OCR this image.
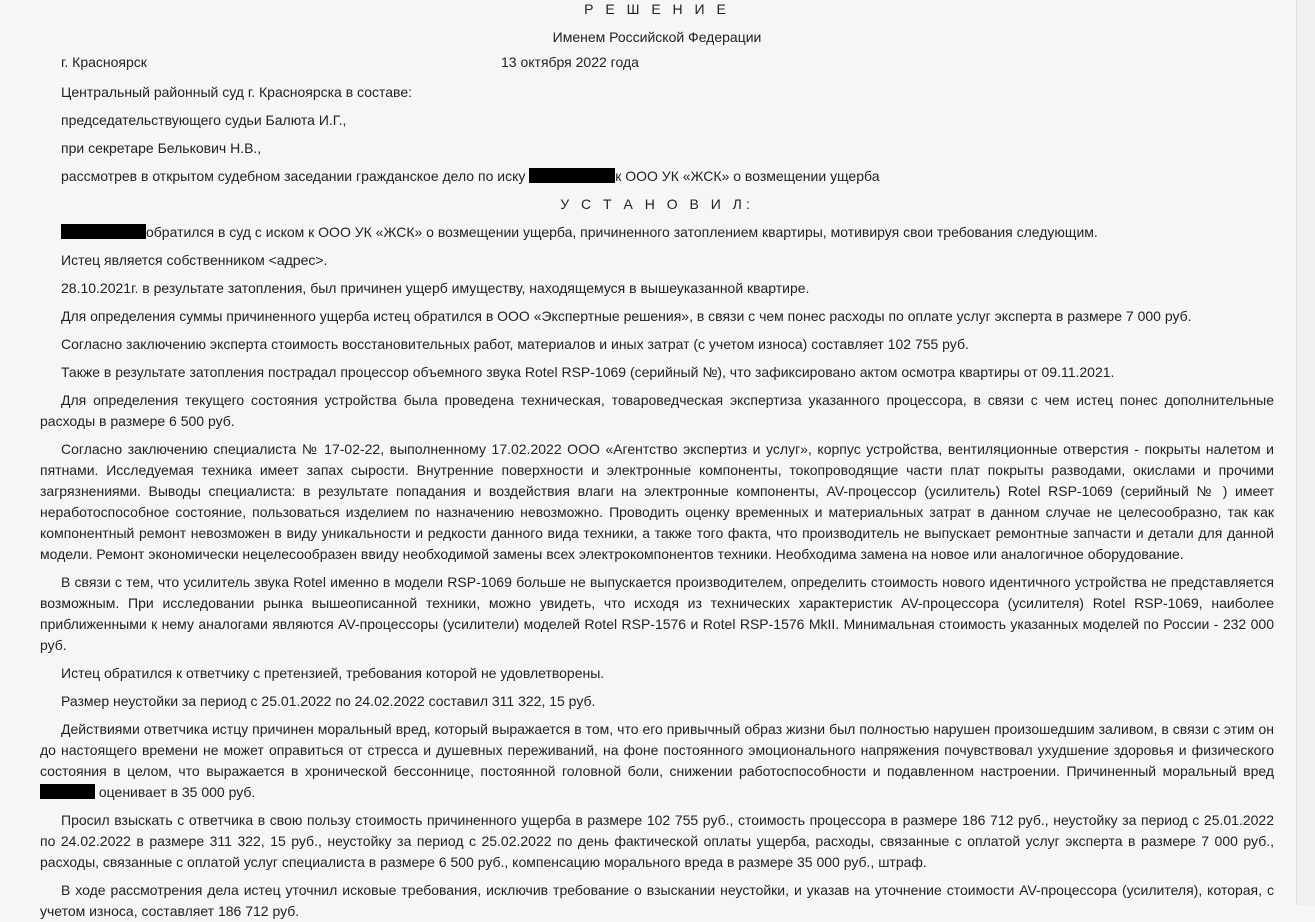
Р Е Ш Е Н И Е

Именем Российской Федерации

г. Красноярск	13 октября 2022 года

Центральный районный суд г. Красноярска в составе:

председательствующего судьи Балюта И.Г.,

при секретаре Белькович Н.В.,

рассмотрев в открытом судебном заседании гражданское дело по иску	к ООО УК «ЖСК» о возмещении ущерба

У С Т А Н О В И Л:

обратился в суд с иском к ООО УК «ЖСК» о возмещении ущерба, причиненного затоплением квартиры, мотивируя свои требования следующим.

Истец является собственником <адрес>.

28.10.2021г. в результате затопления, был причинен ущерб имуществу, находящемуся в вышеуказанной квартире.

Для определения суммы причиненного ущерба истец обратился в ООО «Экспертные решения», в связи с чем понес расходы по оплате услуг эксперта в размере 7 000 руб.

Согласно заключению эксперта стоимость восстановительных работ, материалов и иных затрат (с учетом износа) составляет 102 755 руб.

Также в результате затопления пострадал процессор объемного звука Rotel RSP-1069 (серийный №), что зафиксировано актом осмотра квартиры от 09.11.2021.

Для определения текущего состояния устройства была проведена техническая, товароведческая экспертиза указанного процессора, в связи с чем истец понес дополнительные расходы в размере 6 500 руб.

Согласно заключению специалиста № 17-02-22, выполненному 17.02.2022 ООО «Агентство экспертиз и услуг», корпус устройства, вентиляционные отверстия - покрыты налетом и пятнами. Исследуемая техника имеет запах сырости. Внутренние поверхности и электронные компоненты, токопроводящие части плат покрыты разводами, окислами и прочими загрязнениями. Выводы специалиста: в результате попадания и воздействия влаги на электронные компоненты, AV-процессор (усилитель) Rotel RSP-1069 (серийный № ) имеет неработоспособное состояние, пользоваться изделием по назначению невозможно. Проводить оценку временных и материальных затрат в данном случае не целесообразно, так как компонентный ремонт невозможен в виду уникальности и редкости данного вида техники, а также того факта, что производитель не выпускает ремонтные запчасти и детали для данной модели. Ремонт экономически нецелесообразен ввиду необходимой замены всех электрокомпонентов техники. Необходима замена на новое или аналогичное оборудование.

В связи с тем, что усилитель звука Rotel именно в модели RSP-1069 больше не выпускается производителем, определить стоимость нового идентичного устройства не представляется возможным. При исследовании рынка вышеописанной техники, можно увидеть, что исходя из технических характеристик AV-процессора (усилителя) Rotel RSP-1069, наиболее приближенными к нему аналогами являются AV-процессоры (усилители) моделей Rotel RSP-1576 и Rotel RSP-1576 MkII. Минимальная стоимость указанных моделей по России - 232 000 руб.

Истец обратился к ответчику с претензией, требования которой не удовлетворены.

Размер неустойки за период с 25.01.2022 по 24.02.2022 составил 311 322, 15 руб.

Действиями ответчика истцу причинен моральный вред, который выражается в том, что его привычный образ жизни был полностью нарушен произошедшим заливом, в связи с этим он до настоящего времени не может оправиться от стресса и душевных переживаний, на фоне постоянного эмоционального напряжения почувствовал ухудшение здоровья и физического состояния в целом, что выражается в хронической бессоннице, постоянной головной боли, снижении работоспособности и подавленном настроении. Причиненный моральный вред  оценивает в 35 000 руб.

Просил взыскать с ответчика в свою пользу стоимость причиненного ущерба в размере 102 755 руб., стоимость процессора в размере 186 712 руб., неустойку за период с 25.01.2022 по 24.02.2022 в размере 311 322, 15 руб., неустойку за период с 25.02.2022 по день фактической оплаты ущерба, расходы, связанные с оплатой услуг эксперта в размере 7 000 руб., расходы, связанные с оплатой услуг специалиста в размере 6 500 руб., компенсацию морального вреда в размере 35 000 руб., штраф.

В ходе рассмотрения дела истец уточнил исковые требования, исключив требование о взыскании неустойки, и указав на уточнение стоимости AV-процессора (усилителя), которая, с учетом износа, составляет 186 712 руб.
